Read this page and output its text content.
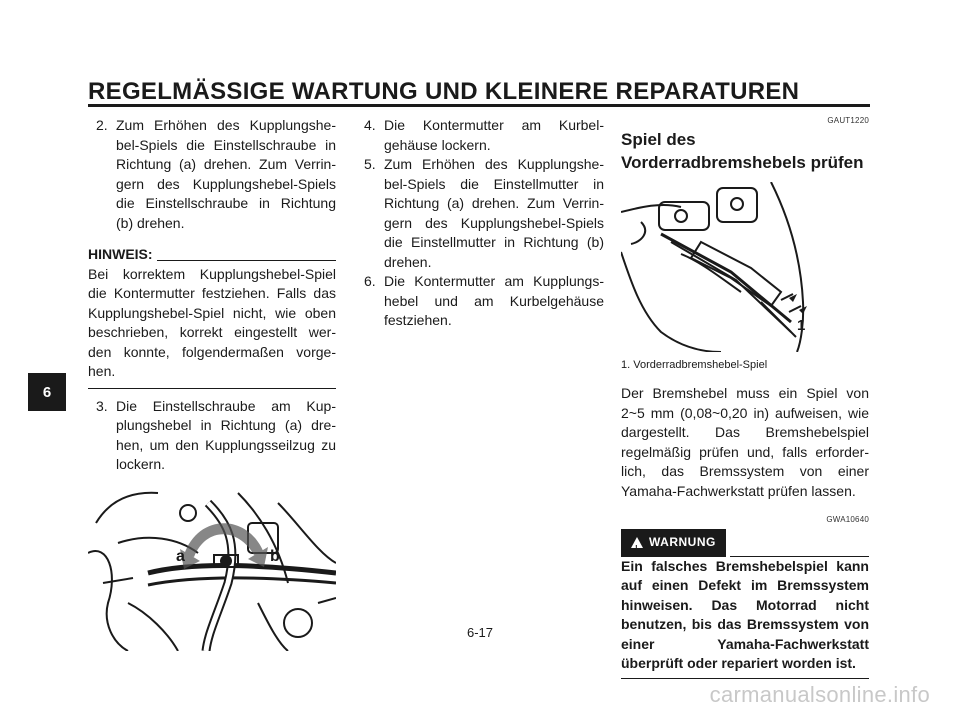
REGELMÄSSIGE WARTUNG UND KLEINERE REPARATUREN
6
2. Zum Erhöhen des Kupplungshe-bel-Spiels die Einstellschraube in Richtung (a) drehen. Zum Verrin-gern des Kupplungshebel-Spiels die Einstellschraube in Richtung (b) drehen.
HINWEIS:

Bei korrektem Kupplungshebel-Spiel die Kontermutter festziehen. Falls das Kupplungshebel-Spiel nicht, wie oben beschrieben, korrekt eingestellt wer-den konnte, folgendermaßen vorge-hen.

3. Die Einstellschraube am Kup-plungshebel in Richtung (a) dre-hen, um den Kupplungsseilzug zu lockern.
a	b
4. Die Kontermutter am Kurbel-gehäuse lockern.
5. Zum Erhöhen des Kupplungshe-bel-Spiels die Einstellmutter in Richtung (a) drehen. Zum Verrin-gern des Kupplungshebel-Spiels die Einstellmutter in Richtung (b) drehen.
6. Die Kontermutter am Kupplungs-hebel und am Kurbelgehäuse festziehen.
GAUT1220
Spiel des
Vorderradbremshebels prüfen
1
1. Vorderradbremshebel-Spiel

Der Bremshebel muss ein Spiel von 2~5 mm (0,08~0,20 in) aufweisen, wie dargestellt. Das Bremshebelspiel regelmäßig prüfen und, falls erforder-lich, das Bremssystem von einer Yamaha-Fachwerkstatt prüfen lassen.

GWA10640
! WARNUNG

Ein falsches Bremshebelspiel kann auf einen Defekt im Bremssystem hinweisen. Das Motorrad nicht benutzen, bis das Bremssystem von einer Yamaha-Fachwerkstatt überprüft oder repariert worden ist.

6-17
carmanualsonline.info
